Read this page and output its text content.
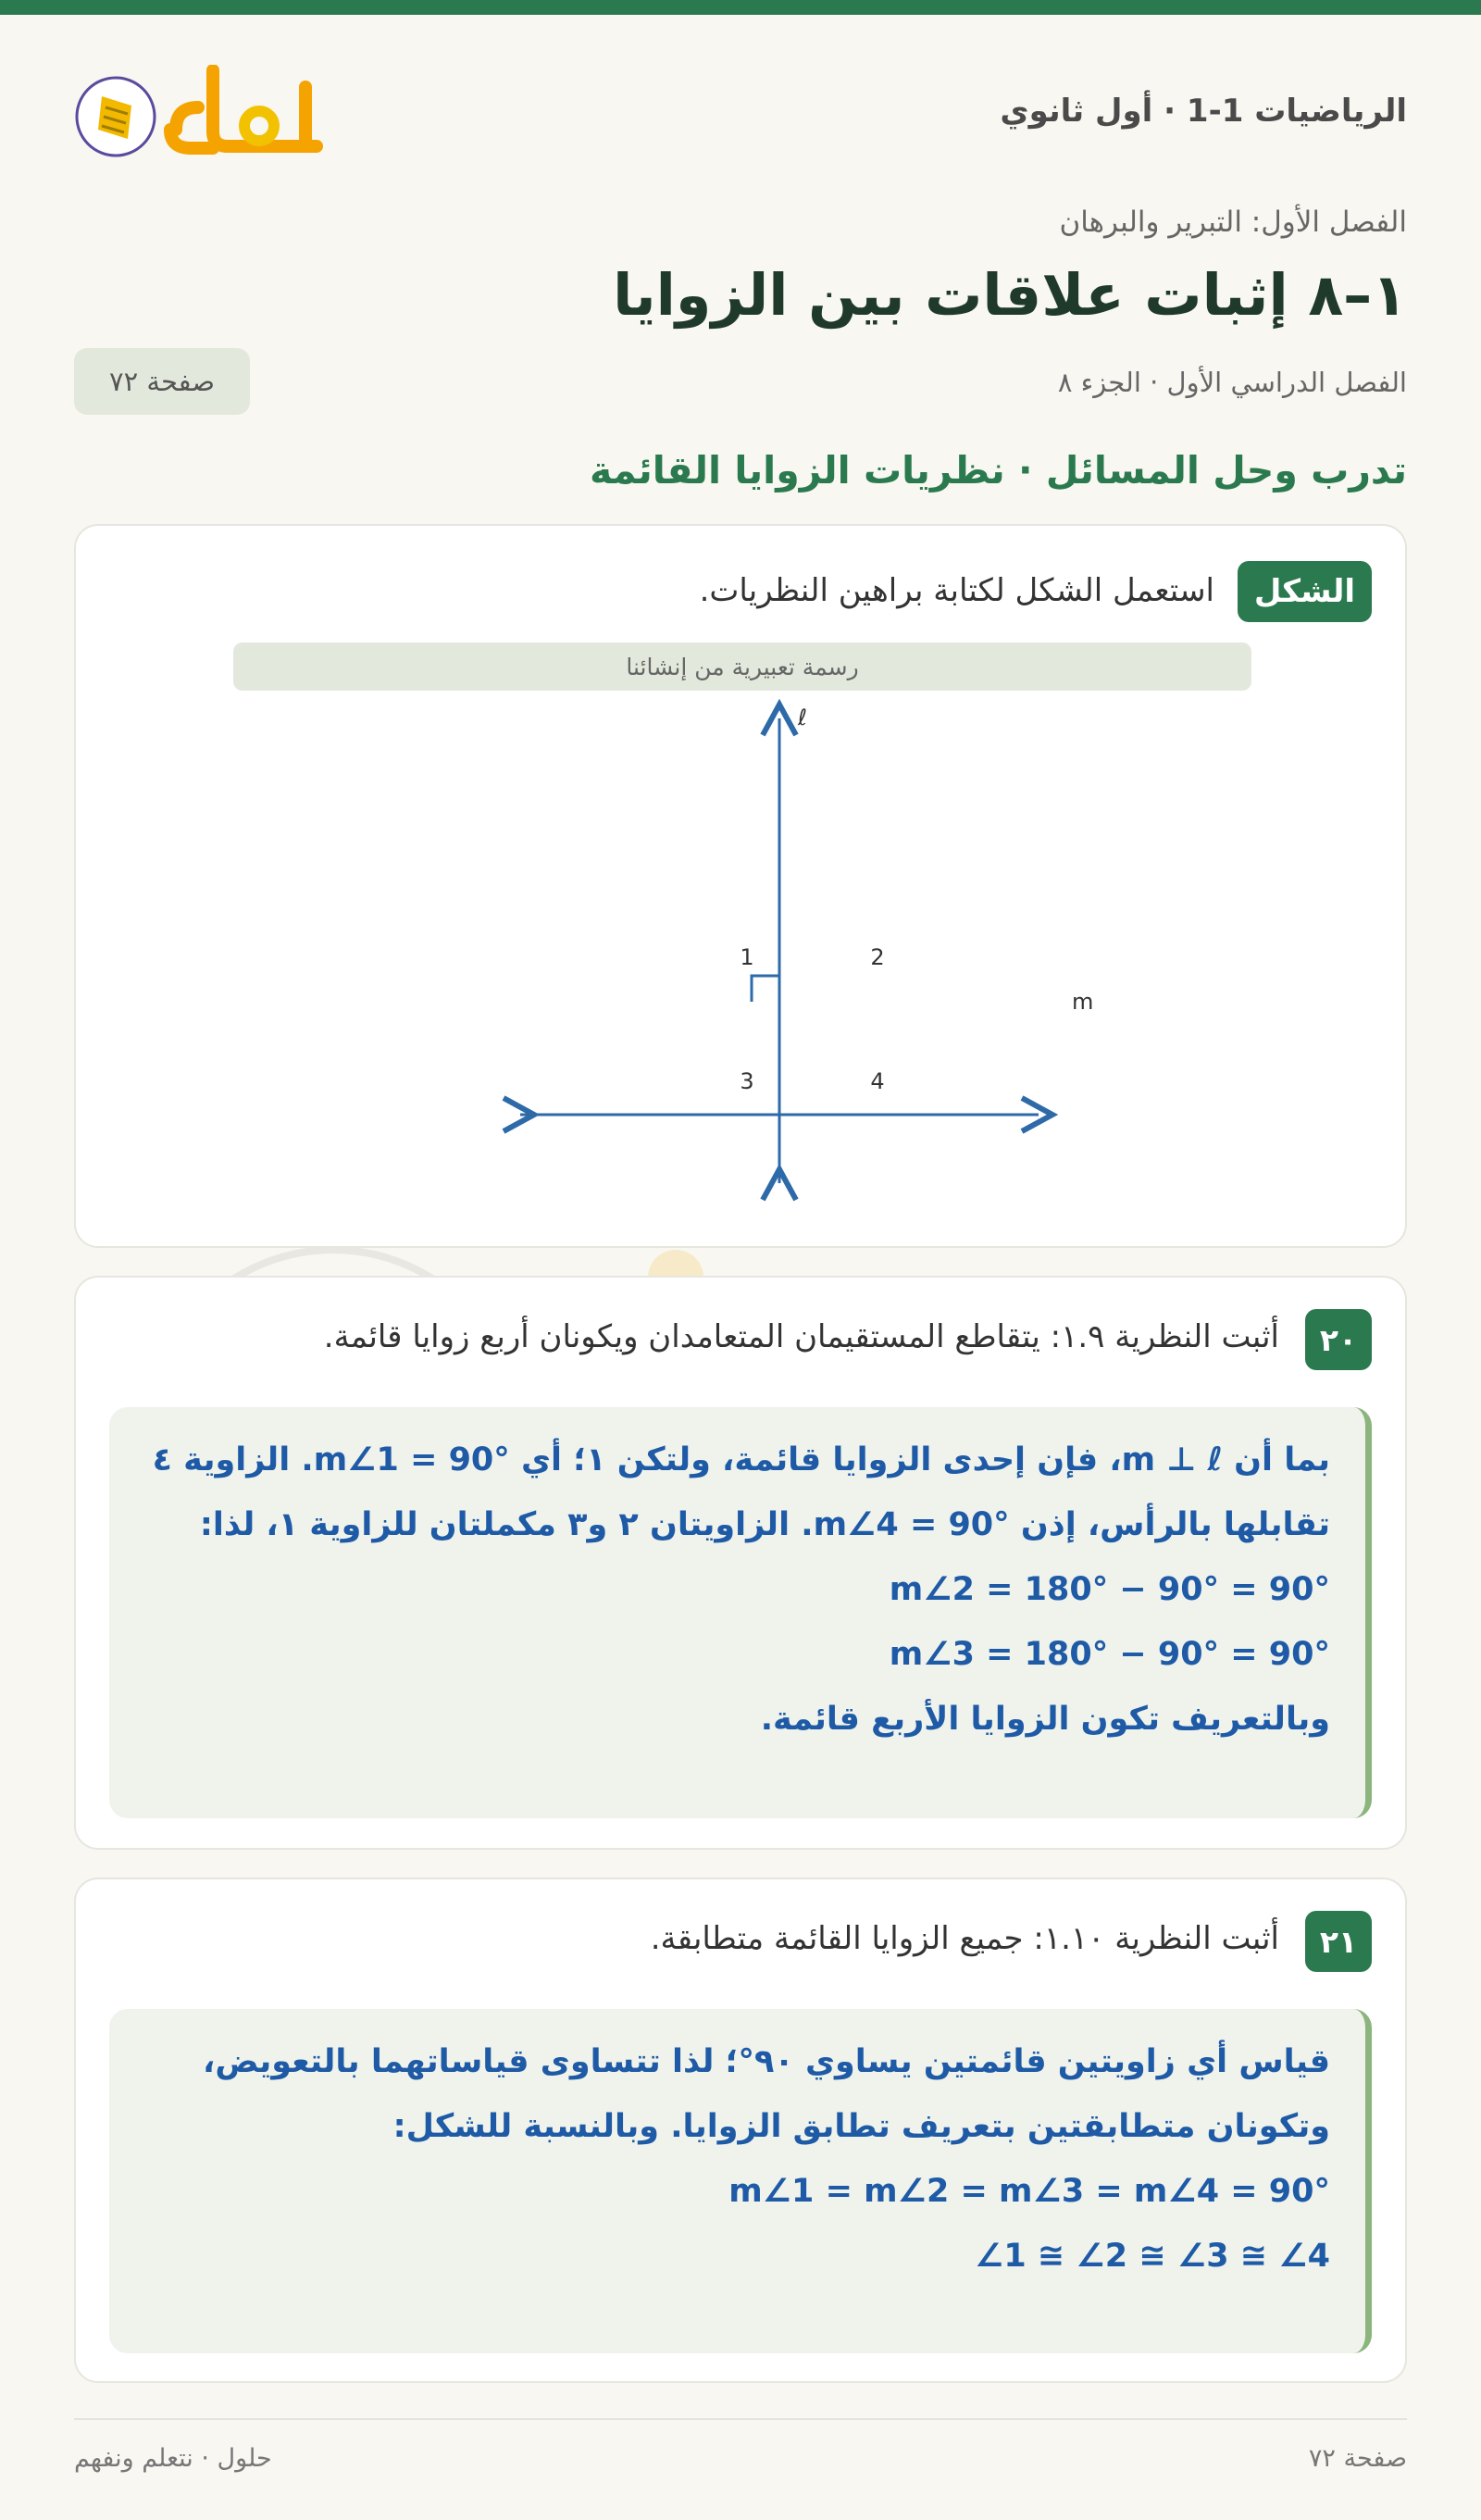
الرياضيات 1-1 · أول ثانوي
الفصل الأول: التبرير والبرهان
١–٨ إثبات علاقات بين الزوايا
الفصل الدراسي الأول · الجزء ٨
صفحة ٧٢
تدرب وحل المسائل · نظريات الزوايا القائمة
الشكل
استعمل الشكل لكتابة براهين النظريات.
رسمة تعبيرية من إنشائنا
ℓ
m
1	2
3	4
٢٠
أثبت النظرية ١.٩: يتقاطع المستقيمان المتعامدان ويكونان أربع زوايا قائمة.
بما أن m ⊥ ℓ، فإن إحدى الزوايا قائمة، ولتكن ١؛ أي m∠1 = 90°. الزاوية ٤ تقابلها بالرأس، إذن m∠4 = 90°. الزاويتان ٢ و٣ مكملتان للزاوية ١، لذا:
m∠2 = 180° − 90° = 90°
m∠3 = 180° − 90° = 90°
وبالتعريف تكون الزوايا الأربع قائمة.
٢١
أثبت النظرية ١.١٠: جميع الزوايا القائمة متطابقة.
قياس أي زاويتين قائمتين يساوي ٩٠°؛ لذا تتساوى قياساتهما بالتعويض، وتكونان متطابقتين بتعريف تطابق الزوايا. وبالنسبة للشكل:
m∠1 = m∠2 = m∠3 = m∠4 = 90°
∠1 ≅ ∠2 ≅ ∠3 ≅ ∠4
صفحة ٧٢
حلول · نتعلم ونفهم
